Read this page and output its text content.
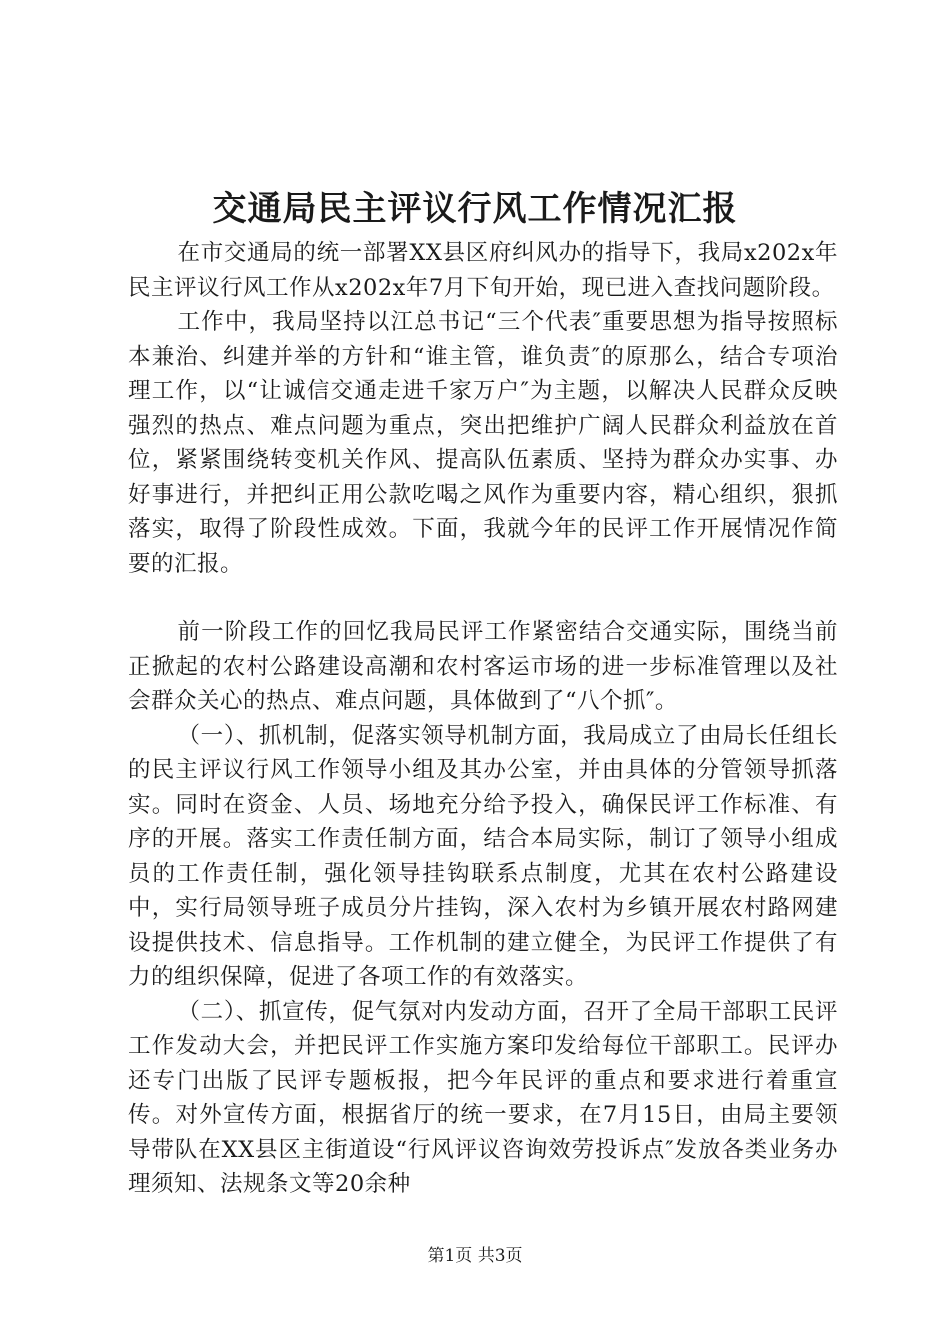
交通局民主评议行风工作情况汇报

在市交通局的统一部署XX县区府纠风办的指导下，我局x202x年民主评议行风工作从x202x年7月下旬开始，现已进入查找问题阶段。

工作中，我局坚持以江总书记“三个代表″重要思想为指导按照标本兼治、纠建并举的方针和“谁主管，谁负责″的原那么，结合专项治理工作，以“让诚信交通走进千家万户″为主题，以解决人民群众反映强烈的热点、难点问题为重点，突出把维护广阔人民群众利益放在首位，紧紧围绕转变机关作风、提高队伍素质、坚持为群众办实事、办好事进行，并把纠正用公款吃喝之风作为重要内容，精心组织，狠抓落实，取得了阶段性成效。下面，我就今年的民评工作开展情况作简要的汇报。

前一阶段工作的回忆我局民评工作紧密结合交通实际，围绕当前正掀起的农村公路建设高潮和农村客运市场的进一步标准管理以及社会群众关心的热点、难点问题，具体做到了“八个抓″。

（一）、抓机制，促落实领导机制方面，我局成立了由局长任组长的民主评议行风工作领导小组及其办公室，并由具体的分管领导抓落实。同时在资金、人员、场地充分给予投入，确保民评工作标准、有序的开展。落实工作责任制方面，结合本局实际，制订了领导小组成员的工作责任制，强化领导挂钩联系点制度，尤其在农村公路建设中，实行局领导班子成员分片挂钩，深入农村为乡镇开展农村路网建设提供技术、信息指导。工作机制的建立健全，为民评工作提供了有力的组织保障，促进了各项工作的有效落实。

（二）、抓宣传，促气氛对内发动方面，召开了全局干部职工民评工作发动大会，并把民评工作实施方案印发给每位干部职工。民评办还专门出版了民评专题板报，把今年民评的重点和要求进行着重宣传。对外宣传方面，根据省厅的统一要求，在7月15日，由局主要领导带队在XX县区主街道设“行风评议咨询效劳投诉点″发放各类业务办理须知、法规条文等20余种

第1页 共3页
